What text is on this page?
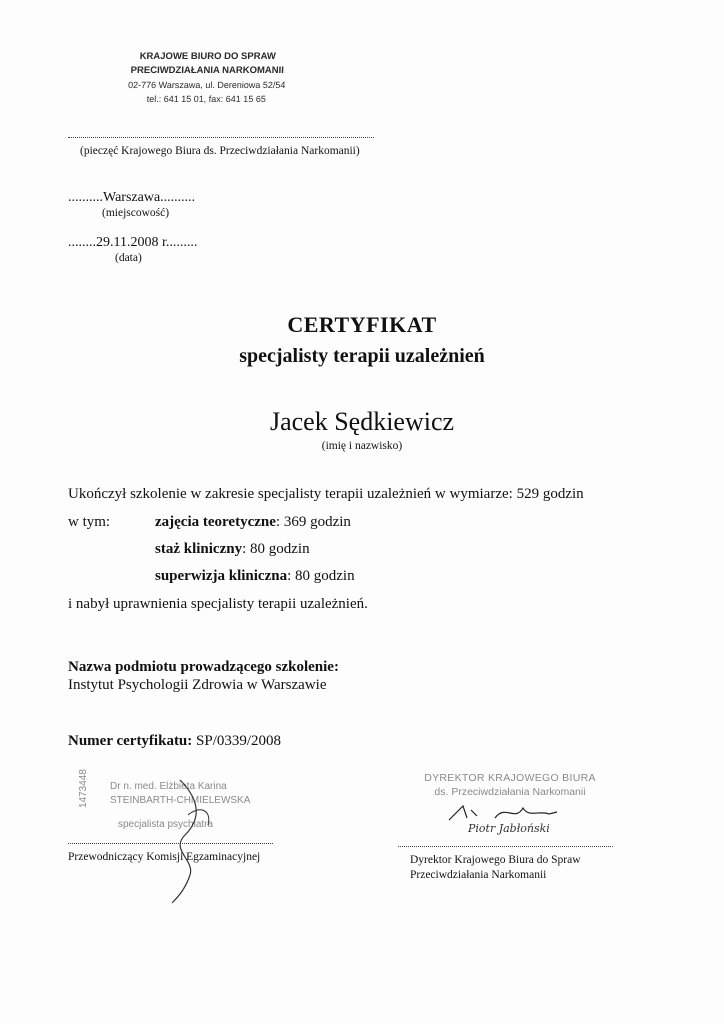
KRAJOWE BIURO DO SPRAW
PRECIWDZIAŁANIA NARKOMANII
02-776 Warszawa, ul. Dereniowa 52/54
tel.: 641 15 01, fax: 641 15 65
(pieczęć Krajowego Biura ds. Przeciwdziałania Narkomanii)
..........Warszawa..........
(miejscowość)
........29.11.2008 r.........
(data)
CERTYFIKAT
specjalisty terapii uzależnień
Jacek Sędkiewicz
(imię i nazwisko)
Ukończył szkolenie w zakresie specjalisty terapii uzależnień w wymiarze: 529 godzin
w tym:	zajęcia teoretyczne: 369 godzin
staż kliniczny: 80 godzin
superwizja kliniczna: 80 godzin
i nabył uprawnienia specjalisty terapii uzależnień.
Nazwa podmiotu prowadzącego szkolenie:
Instytut Psychologii Zdrowia w Warszawie
Numer certyfikatu: SP/0339/2008
1473448 Dr n. med. Elżbieta Karina
STEINBARTH-CHMIELEWSKA
specjalista psychiatra
Przewodniczący Komisji Egzaminacyjnej
DYREKTOR KRAJOWEGO BIURA
ds. Przeciwdziałania Narkomanii
Piotr Jabłoński
Dyrektor Krajowego Biura do Spraw
Przeciwdziałania Narkomanii
